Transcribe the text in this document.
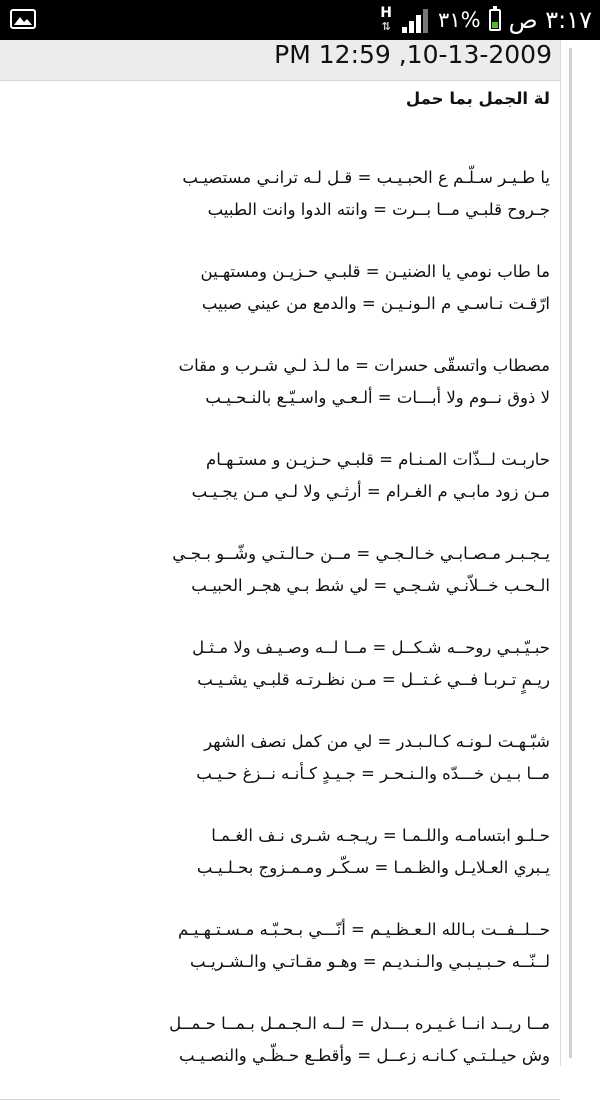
H
⇅ ٣١% ٣:١٧ ص
PM 12:59 ,10-13-2009
لة الجمل بما حمل
يا طـيـر سـلّـم ع الحبـيـب = قـل لـه ترانـي مستصيـب
جـروح قلبـي مــا بــرت = وانته الدوا وانت الطبيب
ما طاب نومي يا الضنيـن = قلبـي حـزيـن ومستهـين
ارّقـت نـاسـي م الـونـيـن = والدمع من عيني صبيب
مصطاب واتسقّى حسرات = ما لـذ لـي شـرب و مقات
لا ذوق نــوم ولا أبـــات = ألـعـي واسـيّـع بالنـحـيـب
حاربـت لــذّات المـنـام = قلبـي حـزيـن و مستـهـام
مـن زود مابـي م الغـرام = أرثـي ولا لـي مـن يجـيـب
يـجـبـر مـصـابـي خـالـجـي = مــن حـالـتـي وشّــو بـجـي
الـحـب خــلاّنـي شـجـي = لي شط بـي هجـر الحبيـب
حبـيّـبـي روحــه شـكــل = مــا لــه وصـيـف ولا مـثـل
ريـمٍ تـربـا فــي غـتــل = مـن نظـرتـه قلبـي يشـيـب
شبّـهـت لـونـه كـالـبـدر = لي من كمل نصف الشهر
مــا بـيـن خـــدّه والـنـحـر = جـيـدٍ كـأنـه نــزغ حـيـب
حـلـو ابتسامـه واللـمـا = ريـجـه شـرى نـف الغـمـا
يـبري العـلايـل والظـمـا = سـكّـر ومـمـزوج بحـلـيـب
حــلــفــت بـالله الـعـظـيـم = أنّـــي بـحـبّـه مـسـتـهـيـم
لــنّــه حـبـيـبـي والـنـديـم = وهـو مقـاتـي والـشـريـب
مــا ريــد انــا غـيـره بـــدل = لــه الـجـمـل بـمــا حـمــل
وش حيـلـتـي كـانـه زعــل = وأقطـع حـظّـي والنصـيـب
